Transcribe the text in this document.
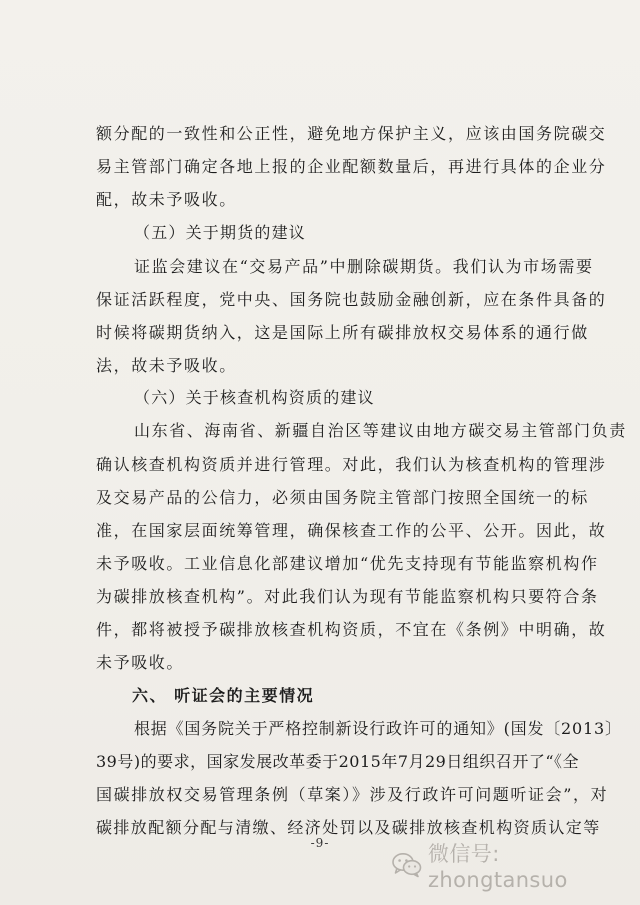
额分配的一致性和公正性，避免地方保护主义，应该由国务院碳交
易主管部门确定各地上报的企业配额数量后，再进行具体的企业分
配，故未予吸收。
（五）关于期货的建议
证监会建议在“交易产品”中删除碳期货。我们认为市场需要
保证活跃程度，党中央、国务院也鼓励金融创新，应在条件具备的
时候将碳期货纳入，这是国际上所有碳排放权交易体系的通行做
法，故未予吸收。
（六）关于核查机构资质的建议
山东省、海南省、新疆自治区等建议由地方碳交易主管部门负责
确认核查机构资质并进行管理。对此，我们认为核查机构的管理涉
及交易产品的公信力，必须由国务院主管部门按照全国统一的标
准，在国家层面统筹管理，确保核查工作的公平、公开。因此，故
未予吸收。工业信息化部建议增加“优先支持现有节能监察机构作
为碳排放核查机构”。对此我们认为现有节能监察机构只要符合条
件，都将被授予碳排放核查机构资质，不宜在《条例》中明确，故
未予吸收。
六、 听证会的主要情况
根据《国务院关于严格控制新设行政许可的通知》(国发〔2013〕
39号)的要求，国家发展改革委于2015年7月29日组织召开了“《全
国碳排放权交易管理条例（草案）》涉及行政许可问题听证会”，对
碳排放配额分配与清缴、经济处罚以及碳排放核查机构资质认定等
-9-	微信号: zhongtansuo
